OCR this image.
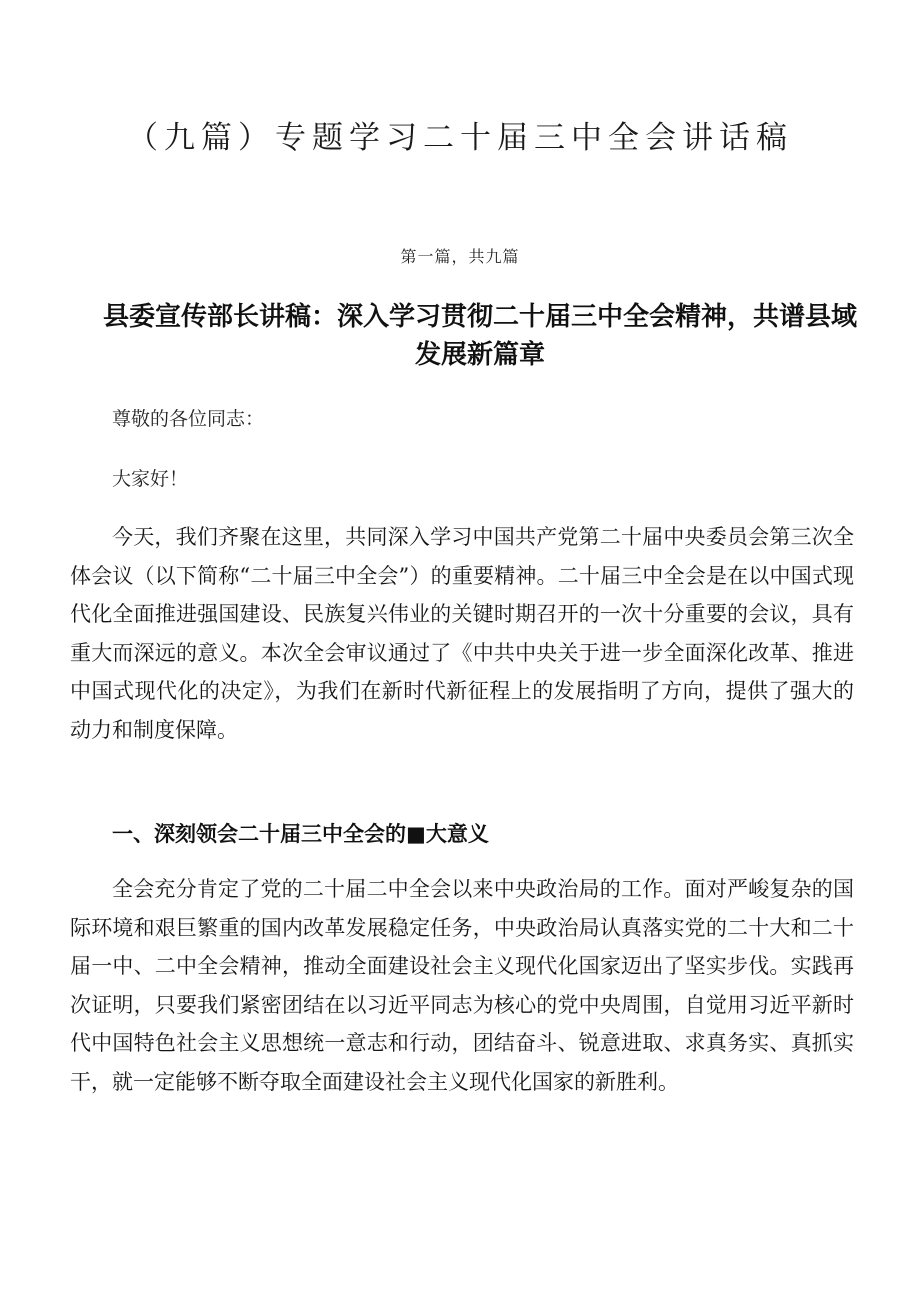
（九篇）专题学习二十届三中全会讲话稿
第一篇，共九篇
县委宣传部长讲稿：深入学习贯彻二十届三中全会精神，共谱县域发展新篇章
尊敬的各位同志：
大家好！

今天，我们齐聚在这里，共同深入学习中国共产党第二十届中央委员会第三次全体会议（以下简称“二十届三中全会”）的重要精神。二十届三中全会是在以中国式现代化全面推进强国建设、民族复兴伟业的关键时期召开的一次十分重要的会议，具有重大而深远的意义。本次全会审议通过了《中共中央关于进一步全面深化改革、推进中国式现代化的决定》，为我们在新时代新征程上的发展指明了方向，提供了强大的动力和制度保障。

一、深刻领会二十届三中全会的■大意义

全会充分肯定了党的二十届二中全会以来中央政治局的工作。面对严峻复杂的国际环境和艰巨繁重的国内改革发展稳定任务，中央政治局认真落实党的二十大和二十届一中、二中全会精神，推动全面建设社会主义现代化国家迈出了坚实步伐。实践再次证明，只要我们紧密团结在以习近平同志为核心的党中央周围，自觉用习近平新时代中国特色社会主义思想统一意志和行动，团结奋斗、锐意进取、求真务实、真抓实干，就一定能够不断夺取全面建设社会主义现代化国家的新胜利。
